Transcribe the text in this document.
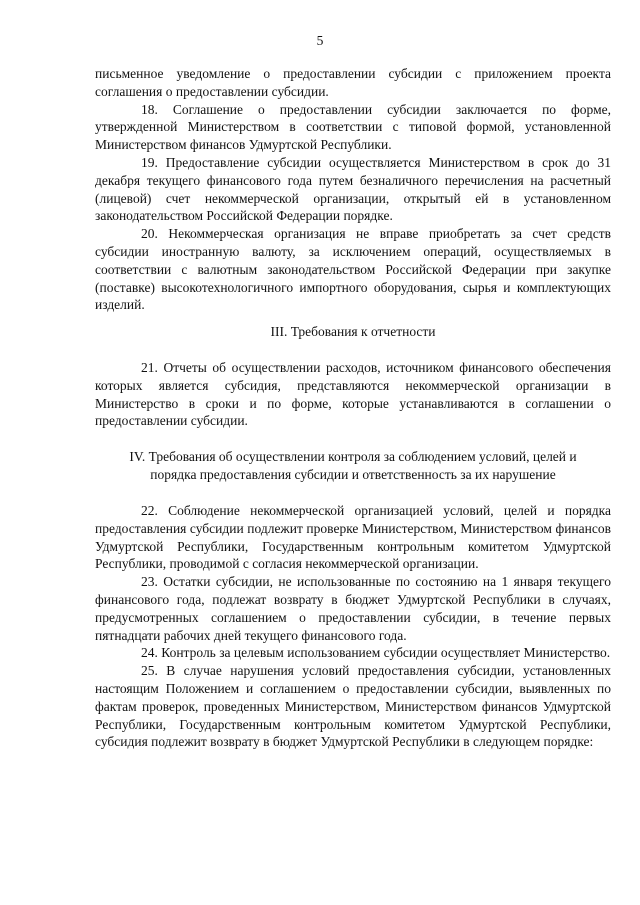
5

письменное уведомление о предоставлении субсидии с приложением проекта соглашения о предоставлении субсидии.

18. Соглашение о предоставлении субсидии заключается по форме, утвержденной Министерством в соответствии с типовой формой, установленной Министерством финансов Удмуртской Республики.

19. Предоставление субсидии осуществляется Министерством в срок до 31 декабря текущего финансового года путем безналичного перечисления на расчетный (лицевой) счет некоммерческой организации, открытый ей в установленном законодательством Российской Федерации порядке.

20. Некоммерческая организация не вправе приобретать за счет средств субсидии иностранную валюту, за исключением операций, осуществляемых в соответствии с валютным законодательством Российской Федерации при закупке (поставке) высокотехнологичного импортного оборудования, сырья и комплектующих изделий.

III. Требования к отчетности

21. Отчеты об осуществлении расходов, источником финансового обеспечения которых является субсидия, представляются некоммерческой организации в Министерство в сроки и по форме, которые устанавливаются в соглашении о предоставлении субсидии.

IV. Требования об осуществлении контроля за соблюдением условий, целей и
порядка предоставления субсидии и ответственность за их нарушение

22. Соблюдение некоммерческой организацией условий, целей и порядка предоставления субсидии подлежит проверке Министерством, Министерством финансов Удмуртской Республики, Государственным контрольным комитетом Удмуртской Республики, проводимой с согласия некоммерческой организации.

23. Остатки субсидии, не использованные по состоянию на 1 января текущего финансового года, подлежат возврату в бюджет Удмуртской Республики в случаях, предусмотренных соглашением о предоставлении субсидии, в течение первых пятнадцати рабочих дней текущего финансового года.

24. Контроль за целевым использованием субсидии осуществляет Министерство.

25. В случае нарушения условий предоставления субсидии, установленных настоящим Положением и соглашением о предоставлении субсидии, выявленных по фактам проверок, проведенных Министерством, Министерством финансов Удмуртской Республики, Государственным контрольным комитетом Удмуртской Республики, субсидия подлежит возврату в бюджет Удмуртской Республики в следующем порядке:
